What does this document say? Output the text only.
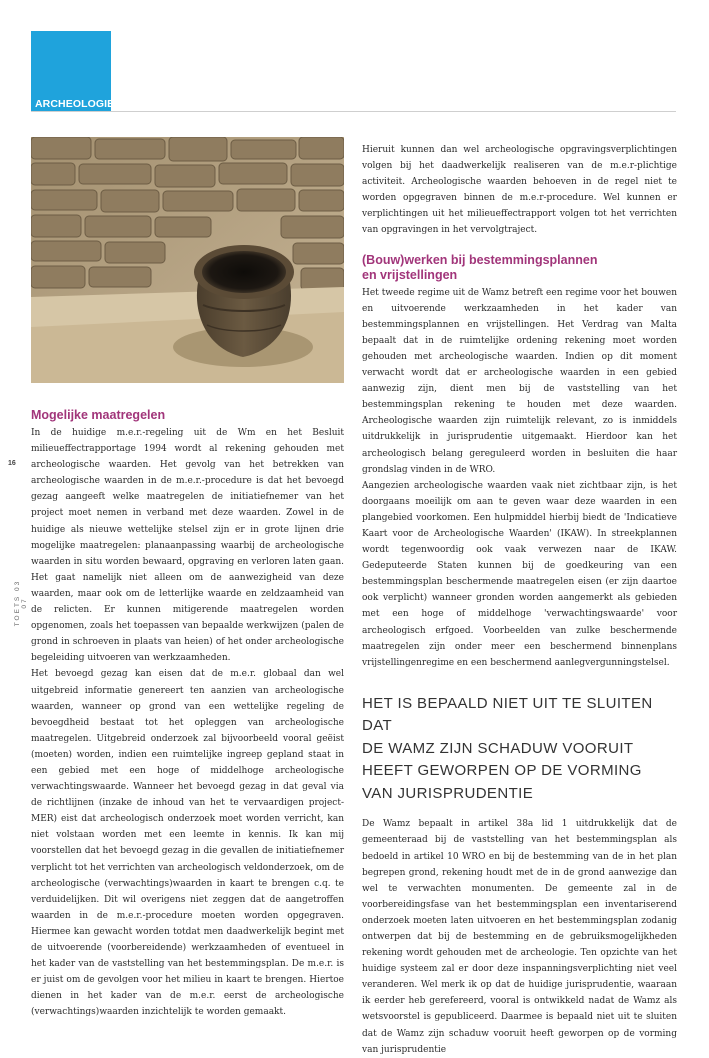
ARCHEOLOGIE
16
TOETS 03 07
Mogelijke maatregelen

In de huidige m.e.r.-regeling uit de Wm en het Besluit milieueffectrapportage 1994 wordt al rekening gehouden met archeologische waarden. Het gevolg van het betrekken van archeologische waarden in de m.e.r.-procedure is dat het bevoegd gezag aangeeft welke maatregelen de initiatiefnemer van het project moet nemen in verband met deze waarden. Zowel in de huidige als nieuwe wettelijke stelsel zijn er in grote lijnen drie mogelijke maatregelen: planaanpassing waarbij de archeologische waarden in situ worden bewaard, opgraving en verloren laten gaan. Het gaat namelijk niet alleen om de aanwezigheid van deze waarden, maar ook om de letterlijke waarde en zeldzaamheid van de relicten. Er kunnen mitigerende maatregelen worden opgenomen, zoals het toepassen van bepaalde werkwijzen (palen de grond in schroeven in plaats van heien) of het onder archeologische begeleiding uitvoeren van werkzaamheden.

Het bevoegd gezag kan eisen dat de m.e.r. globaal dan wel uitgebreid informatie genereert ten aanzien van archeologische waarden, wanneer op grond van een wettelijke regeling de bevoegdheid bestaat tot het opleggen van archeologische maatregelen. Uitgebreid onderzoek zal bijvoorbeeld vooral geëist (moeten) worden, indien een ruimtelijke ingreep gepland staat in een gebied met een hoge of middelhoge archeologische verwachtingswaarde. Wanneer het bevoegd gezag in dat geval via de richtlijnen (inzake de inhoud van het te vervaardigen project-MER) eist dat archeologisch onderzoek moet worden verricht, kan niet volstaan worden met een leemte in kennis. Ik kan mij voorstellen dat het bevoegd gezag in die gevallen de initiatiefnemer verplicht tot het verrichten van archeologisch veldonderzoek, om de archeologische (verwachtings)waarden in kaart te brengen c.q. te verduidelijken. Dit wil overigens niet zeggen dat de aangetroffen waarden in de m.e.r.-procedure moeten worden opgegraven. Hiermee kan gewacht worden totdat men daadwerkelijk begint met de uitvoerende (voorbereidende) werkzaamheden of eventueel in het kader van de vaststelling van het bestemmingsplan. De m.e.r. is er juist om de gevolgen voor het milieu in kaart te brengen. Hiertoe dienen in het kader van de m.e.r. eerst de archeologische (verwachtings)waarden inzichtelijk te worden gemaakt.

Hieruit kunnen dan wel archeologische opgravingsverplichtingen volgen bij het daadwerkelijk realiseren van de m.e.r-plichtige activiteit. Archeologische waarden behoeven in de regel niet te worden opgegraven binnen de m.e.r-procedure. Wel kunnen er verplichtingen uit het milieueffectrapport volgen tot het verrichten van opgravingen in het vervolgtraject.

(Bouw)werken bij bestemmingsplannen
en vrijstellingen

Het tweede regime uit de Wamz betreft een regime voor het bouwen en uitvoerende werkzaamheden in het kader van bestemmingsplannen en vrijstellingen. Het Verdrag van Malta bepaalt dat in de ruimtelijke ordening rekening moet worden gehouden met archeologische waarden. Indien op dit moment verwacht wordt dat er archeologische waarden in een gebied aanwezig zijn, dient men bij de vaststelling van het bestemmingsplan rekening te houden met deze waarden. Archeologische waarden zijn ruimtelijk relevant, zo is inmiddels uitdrukkelijk in jurisprudentie uitgemaakt. Hierdoor kan het archeologisch belang gereguleerd worden in besluiten die haar grondslag vinden in de WRO.

Aangezien archeologische waarden vaak niet zichtbaar zijn, is het doorgaans moeilijk om aan te geven waar deze waarden in een plangebied voorkomen. Een hulpmiddel hierbij biedt de 'Indicatieve Kaart voor de Archeologische Waarden' (IKAW). In streekplannen wordt tegenwoordig ook vaak verwezen naar de IKAW. Gedeputeerde Staten kunnen bij de goedkeuring van een bestemmingsplan beschermende maatregelen eisen (er zijn daartoe ook verplicht) wanneer gronden worden aangemerkt als gebieden met een hoge of middelhoge 'verwachtingswaarde' voor archeologisch erfgoed. Voorbeelden van zulke beschermende maatregelen zijn onder meer een beschermend binnenplans vrijstellingenregime en een beschermend aanlegvergunningstelsel.

HET IS BEPAALD NIET UIT TE SLUITEN DAT

DE WAMZ ZIJN SCHADUW VOORUIT

HEEFT GEWORPEN OP DE VORMING

VAN JURISPRUDENTIE

De Wamz bepaalt in artikel 38a lid 1 uitdrukkelijk dat de gemeenteraad bij de vaststelling van het bestemmingsplan als bedoeld in artikel 10 WRO en bij de bestemming van de in het plan begrepen grond, rekening houdt met de in de grond aanwezige dan wel te verwachten monumenten. De gemeente zal in de voorbereidingsfase van het bestemmingsplan een inventariserend onderzoek moeten laten uitvoeren en het bestemmingsplan zodanig ontwerpen dat bij de bestemming en de gebruiksmogelijkheden rekening wordt gehouden met de archeologie. Ten opzichte van het huidige systeem zal er door deze inspanningsverplichting niet veel veranderen. Wel merk ik op dat de huidige jurisprudentie, waaraan ik eerder heb gerefereerd, vooral is ontwikkeld nadat de Wamz als wetsvoorstel is gepubliceerd. Daarmee is bepaald niet uit te sluiten dat de Wamz zijn schaduw vooruit heeft geworpen op de vorming van jurisprudentie
